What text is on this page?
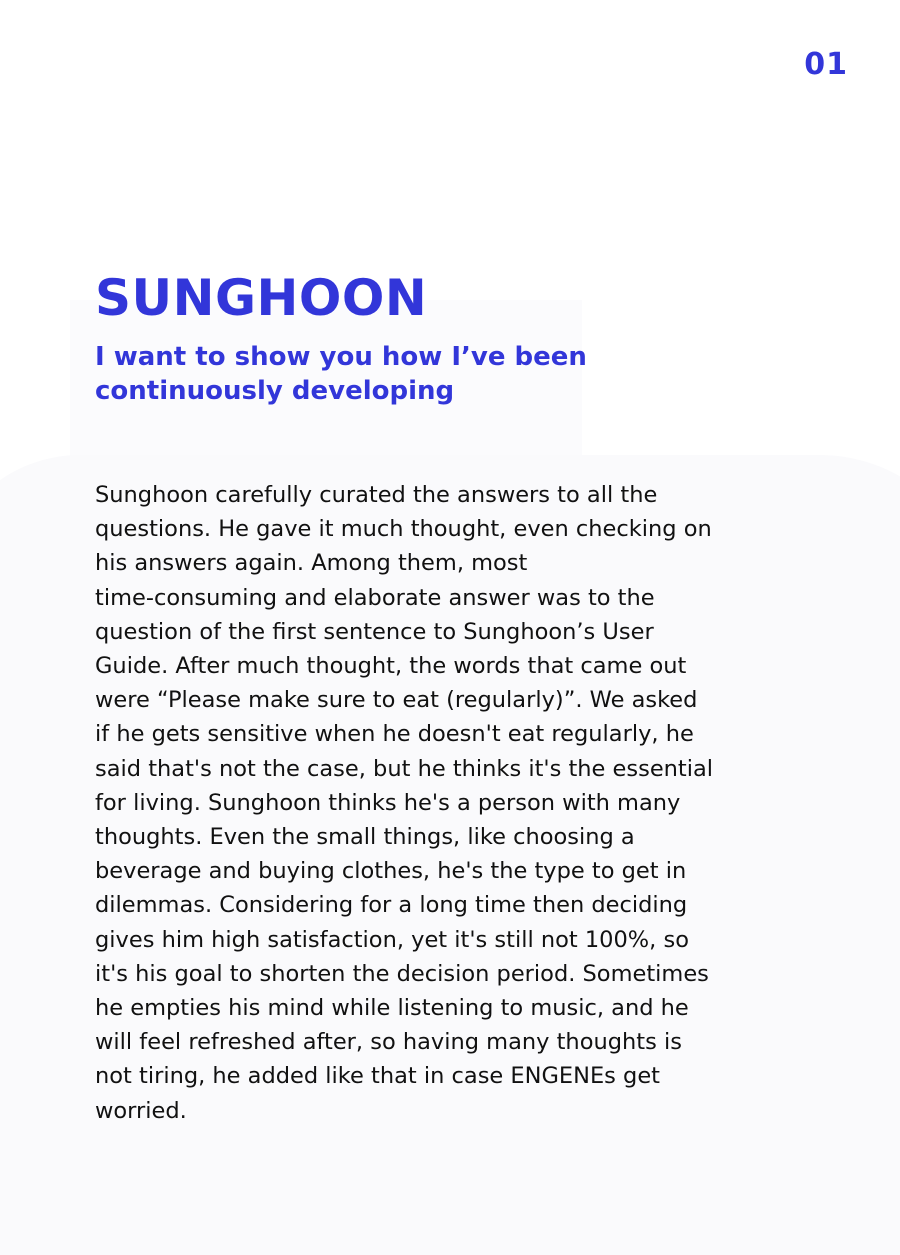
01

SUNGHOON
I want to show you how I’ve been
continuously developing

Sunghoon carefully curated the answers to all the
questions. He gave it much thought, even checking on
his answers again. Among them, most
time-consuming and elaborate answer was to the
question of the first sentence to Sunghoon’s User
Guide. After much thought, the words that came out
were “Please make sure to eat (regularly)”. We asked
if he gets sensitive when he doesn't eat regularly, he
said that's not the case, but he thinks it's the essential
for living. Sunghoon thinks he's a person with many
thoughts. Even the small things, like choosing a
beverage and buying clothes, he's the type to get in
dilemmas. Considering for a long time then deciding
gives him high satisfaction, yet it's still not 100%, so
it's his goal to shorten the decision period. Sometimes
he empties his mind while listening to music, and he
will feel refreshed after, so having many thoughts is
not tiring, he added like that in case ENGENEs get
worried.
